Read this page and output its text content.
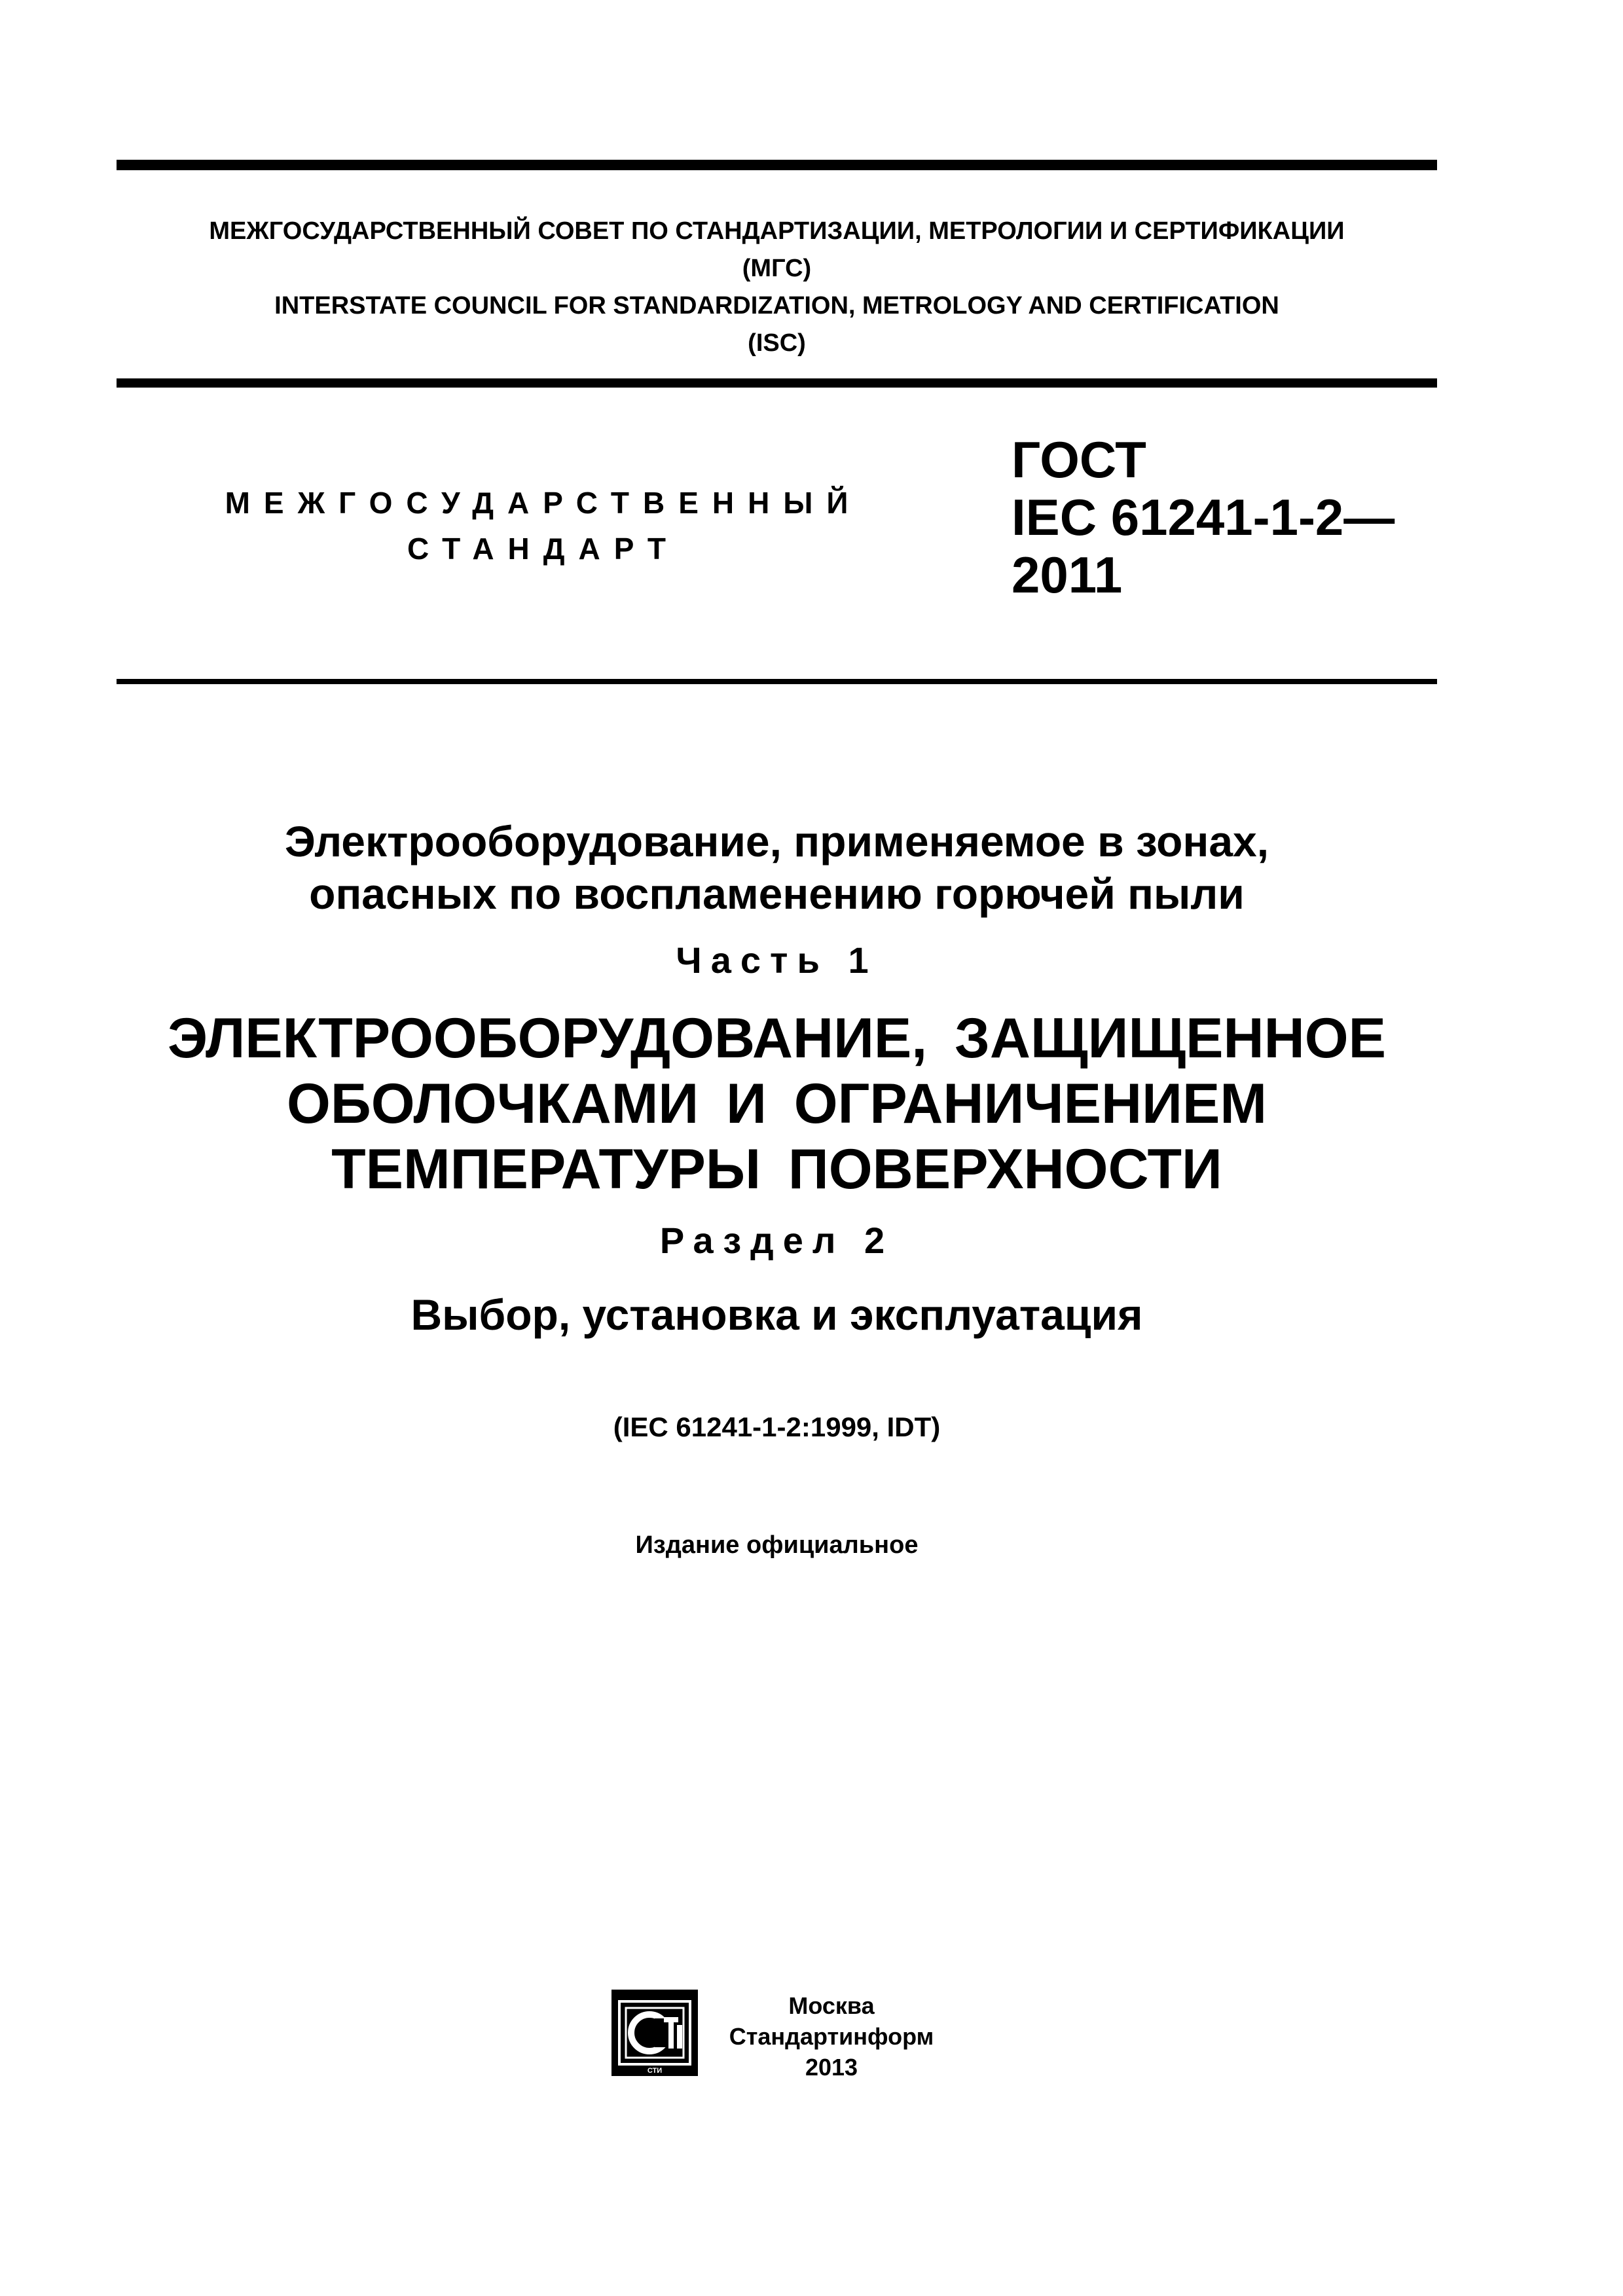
МЕЖГОСУДАРСТВЕННЫЙ СОВЕТ ПО СТАНДАРТИЗАЦИИ, МЕТРОЛОГИИ И СЕРТИФИКАЦИИ
(МГС)
INTERSTATE COUNCIL FOR STANDARDIZATION, METROLOGY AND CERTIFICATION
(ISC)
МЕЖГОСУДАРСТВЕННЫЙ
СТАНДАРТ
ГОСТ
IEC 61241-1-2—
2011
Электрооборудование, применяемое в зонах,
опасных по воспламенению горючей пыли
Часть 1
ЭЛЕКТРООБОРУДОВАНИЕ, ЗАЩИЩЕННОЕ
ОБОЛОЧКАМИ И ОГРАНИЧЕНИЕМ
ТЕМПЕРАТУРЫ ПОВЕРХНОСТИ
Раздел 2
Выбор, установка и эксплуатация
(IEC 61241-1-2:1999, IDT)
Издание официальное
СТИ
Москва
Стандартинформ
2013
